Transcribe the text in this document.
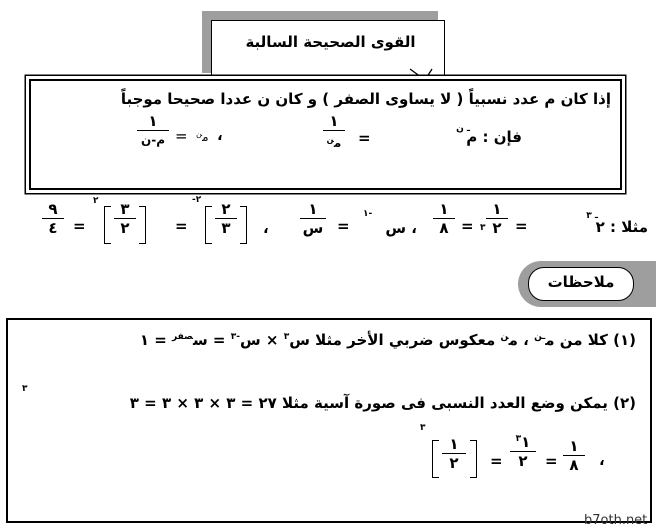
القوى الصحيحة السالبة
إذا كان م عدد نسبياً ( لا يساوى الصفر ) و كان ن عددا صحيحا موجباً
فإن : م
ـ ن
=
١
م$^ن$
،
م$^ن$
=
١
م-ن
مثلا : ٢
ـ ٣
=
١
٢
٣
=
١
٨
، س
-١
=
١
س
،
٢
٣
٢-
=
٣
٢
٢
=
٩
٤
ملاحظات
(١) كلا من م$^{ـن}$ ، م$^ن$ معكوس ضربي الأخر مثلا س$^٣$ × س$^{-٣}$ = س$^{صفر}$ = ١
(٢) يمكن وضع العدد النسبى فى صورة آسية مثلا ٢٧ = ٣ × ٣ × ٣ = ٣
٣
،
١
٨
=
$^٣$١
٢
=
١
٢
٣
b7oth.net
